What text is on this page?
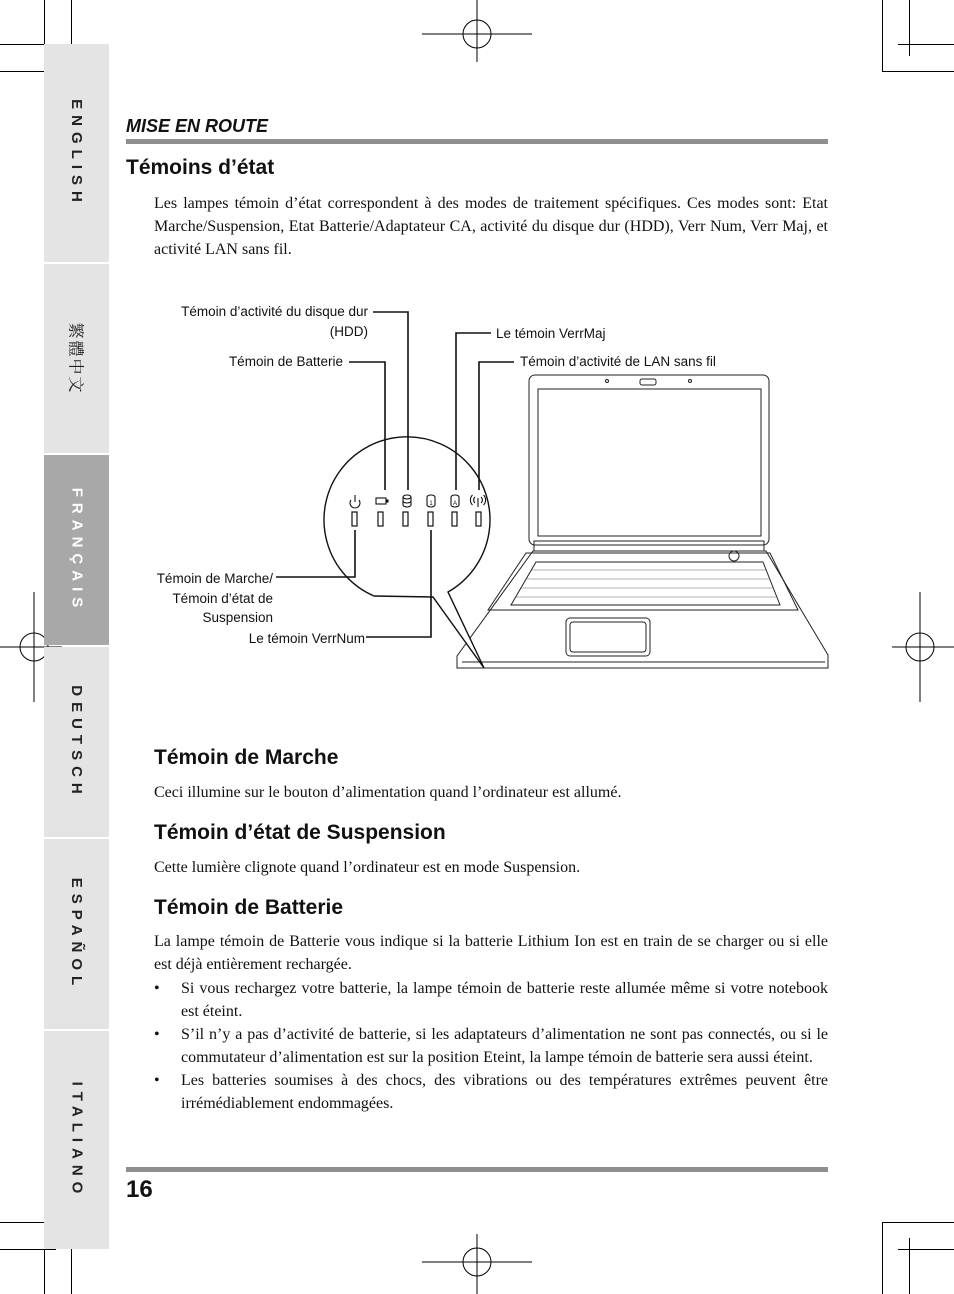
ENGLISH
繁體中文
FRANÇAIS
DEUTSCH
ESPAÑOL
ITALIANO
MISE EN ROUTE
Témoins d’état

Les lampes témoin d’état correspondent à des modes de traitement spécifiques. Ces modes sont: Etat Marche/Suspension, Etat Batterie/Adaptateur CA, activité du disque dur (HDD), Verr Num, Verr Maj, et activité LAN sans fil.

1	A
Témoin d’activité du disque dur
(HDD)
Témoin de Batterie
Le témoin VerrMaj
Témoin d’activité de LAN sans fil
Témoin de Marche/
Témoin d’état de
Suspension
Le témoin VerrNum
Témoin de Marche

Ceci illumine sur le bouton d’alimentation quand l’ordinateur est allumé.

Témoin d’état de Suspension

Cette lumière clignote quand l’ordinateur est en mode Suspension.

Témoin de Batterie

La lampe témoin de Batterie vous indique si la batterie Lithium Ion est en train de se charger ou si elle est déjà entièrement rechargée.

• Si vous rechargez votre batterie, la lampe témoin de batterie reste allumée même si votre notebook est éteint.
• S’il n’y a pas d’activité de batterie, si les adaptateurs d’alimentation ne sont pas connectés, ou si le commutateur d’alimentation est sur la position Eteint, la lampe témoin de batterie sera aussi éteint.
• Les batteries soumises à des chocs, des vibrations ou des températures extrêmes peuvent être irrémédiablement endommagées.
16
